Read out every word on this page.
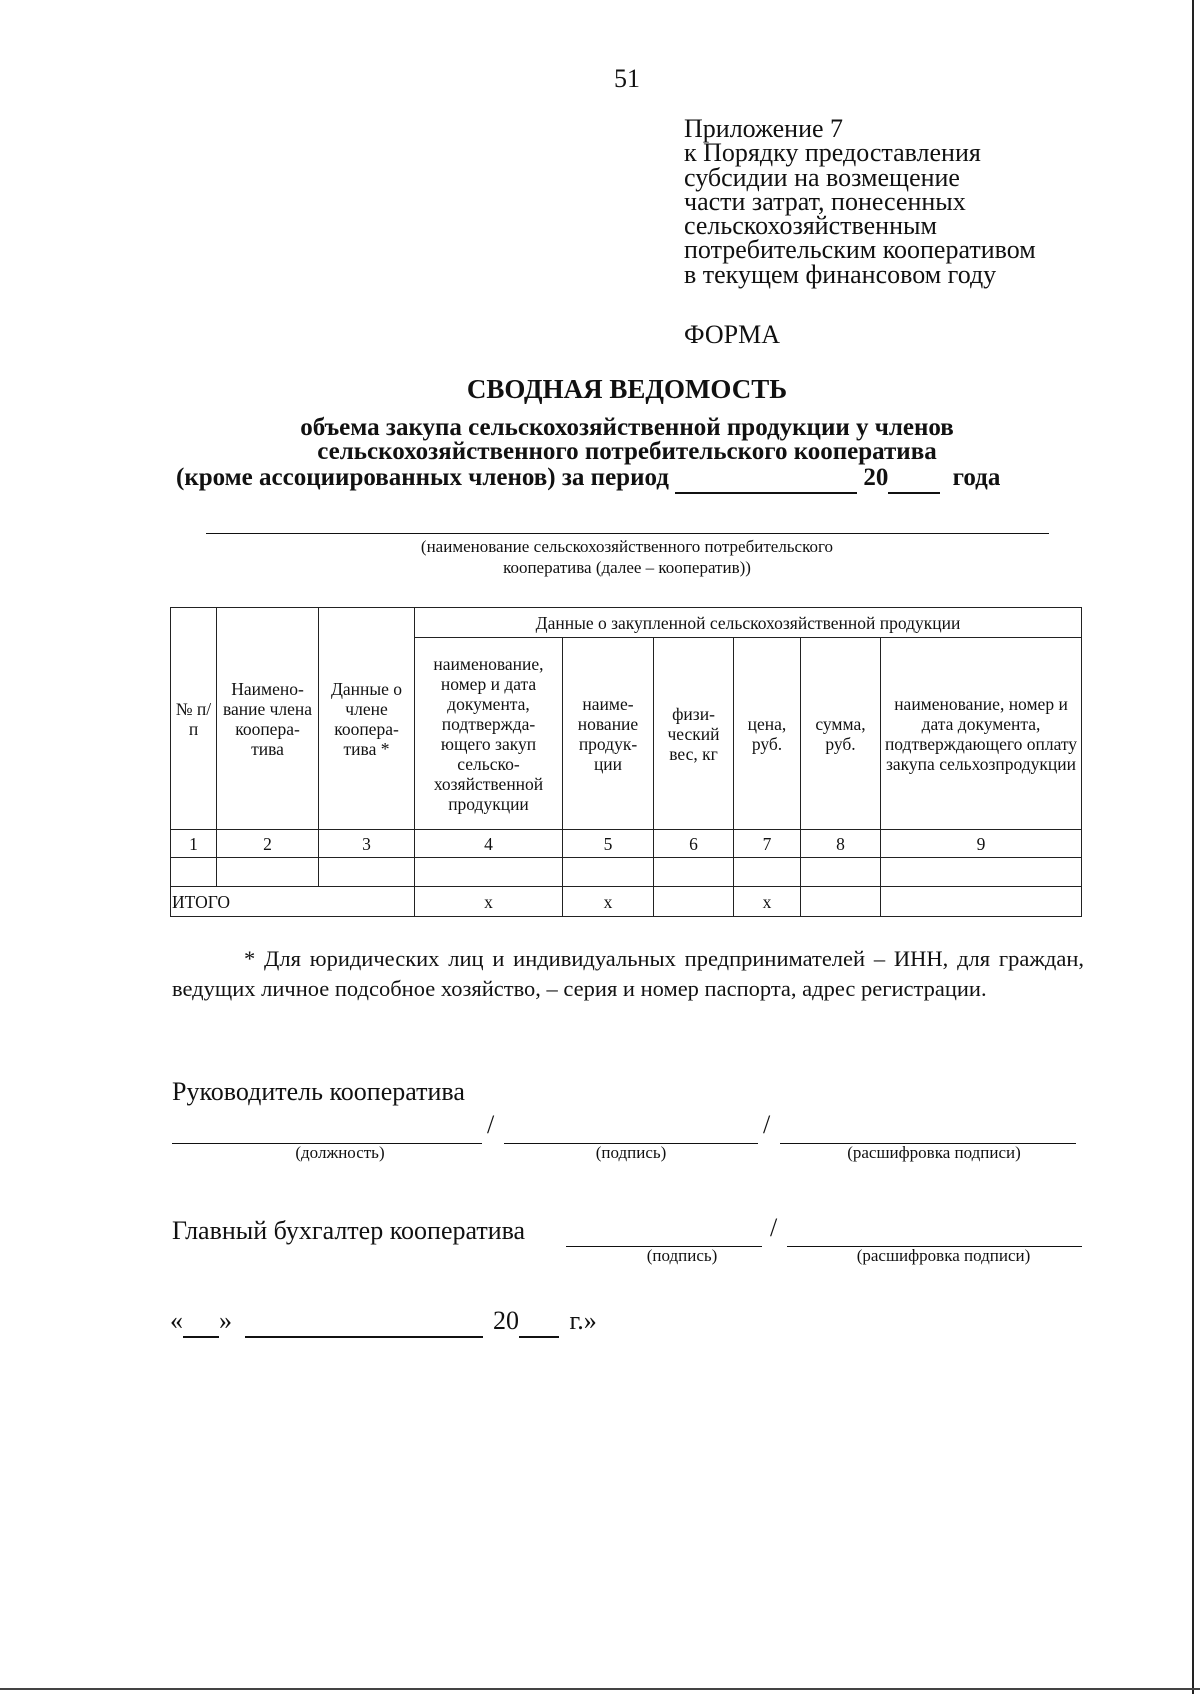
51
Приложение 7
к Порядку предоставления
субсидии на возмещение
части затрат, понесенных
сельскохозяйственным
потребительским кооперативом
в текущем финансовом году
ФОРМА
СВОДНАЯ ВЕДОМОСТЬ
объема закупа сельскохозяйственной продукции у членов
сельскохозяйственного потребительского кооператива
(кроме ассоциированных членов) за период	20	года
(наименование сельскохозяйственного потребительского
кооператива (далее – кооператив))
№ п/п	Наимено-вание члена коопера-тива	Данные о члене коопера-тива *	Данные о закупленной сельскохозяйственной продукции					
			наименование, номер и дата документа, подтвержда-ющего закуп сельско-хозяйственной продукции	наиме-нование продук-ции	физи-ческий вес, кг	цена, руб.	сумма, руб.	наименование, номер и дата документа, подтверждающего оплату закупа сельхозпродукции
1	2	3	4	5	6	7	8	9

ИТОГО			x	x		x		

* Для юридических лиц и индивидуальных предпринимателей – ИНН, для граждан, ведущих личное подсобное хозяйство, – серия и номер паспорта, адрес регистрации.

Руководитель кооператива
/	/
(должность)	(подпись)	(расшифровка подписи)
Главный бухгалтер кооператива	/
(подпись)	(расшифровка подписи)
« »	20 г.»
